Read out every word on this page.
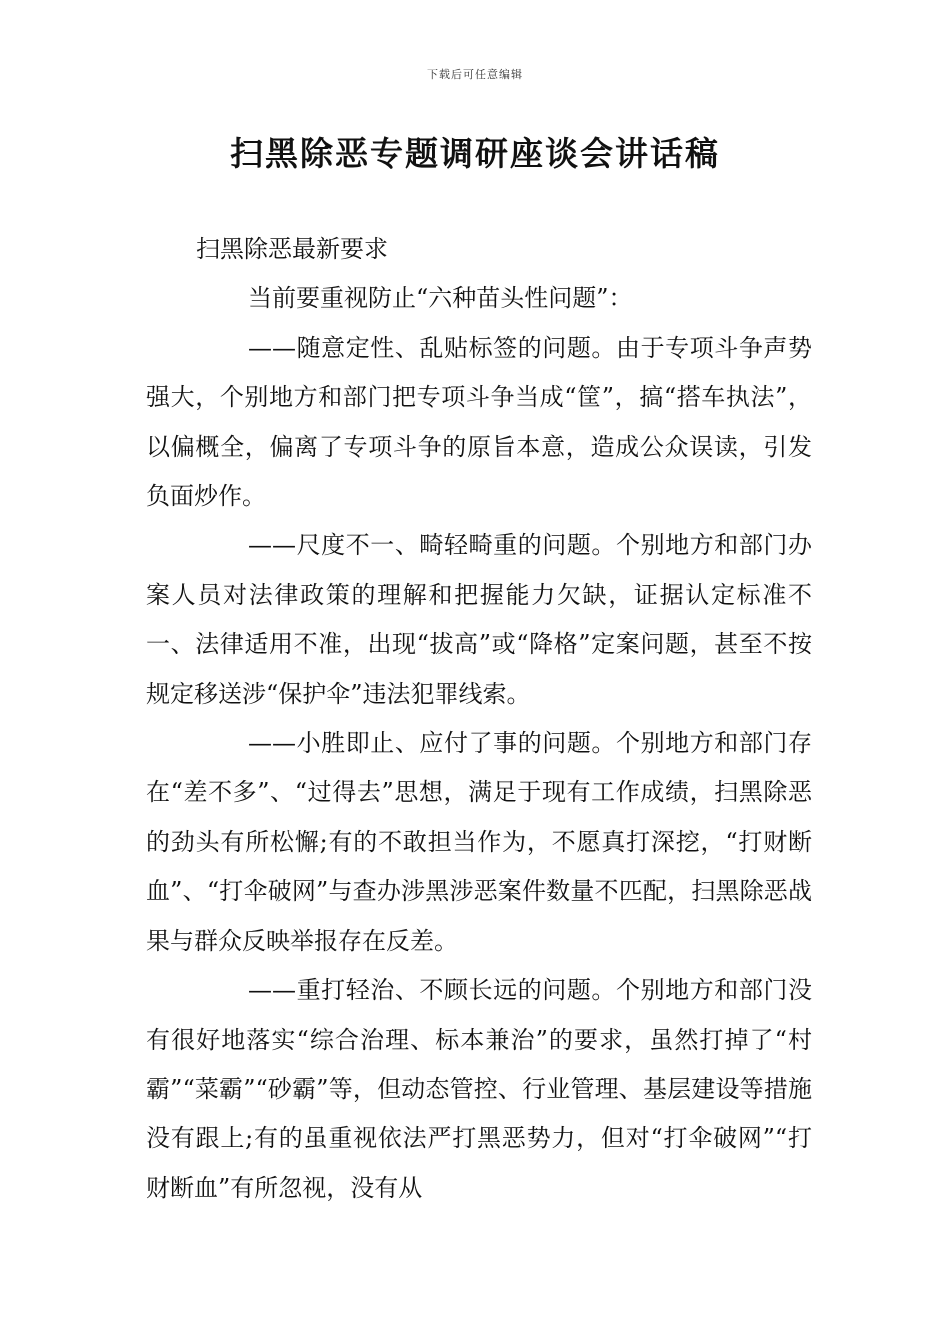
下载后可任意编辑
扫黑除恶专题调研座谈会讲话稿

扫黑除恶最新要求

当前要重视防止“六种苗头性问题”：

——随意定性、乱贴标签的问题。由于专项斗争声势强大，个别地方和部门把专项斗争当成“筐”，搞“搭车执法”，以偏概全，偏离了专项斗争的原旨本意，造成公众误读，引发负面炒作。

——尺度不一、畸轻畸重的问题。个别地方和部门办案人员对法律政策的理解和把握能力欠缺，证据认定标准不一、法律适用不准，出现“拔高”或“降格”定案问题，甚至不按规定移送涉“保护伞”违法犯罪线索。

——小胜即止、应付了事的问题。个别地方和部门存在“差不多”、“过得去”思想，满足于现有工作成绩，扫黑除恶的劲头有所松懈;有的不敢担当作为，不愿真打深挖，“打财断血”、“打伞破网”与查办涉黑涉恶案件数量不匹配，扫黑除恶战果与群众反映举报存在反差。

——重打轻治、不顾长远的问题。个别地方和部门没有很好地落实“综合治理、标本兼治”的要求，虽然打掉了“村霸”“菜霸”“砂霸”等，但动态管控、行业管理、基层建设等措施没有跟上;有的虽重视依法严打黑恶势力，但对“打伞破网”“打财断血”有所忽视，没有从
